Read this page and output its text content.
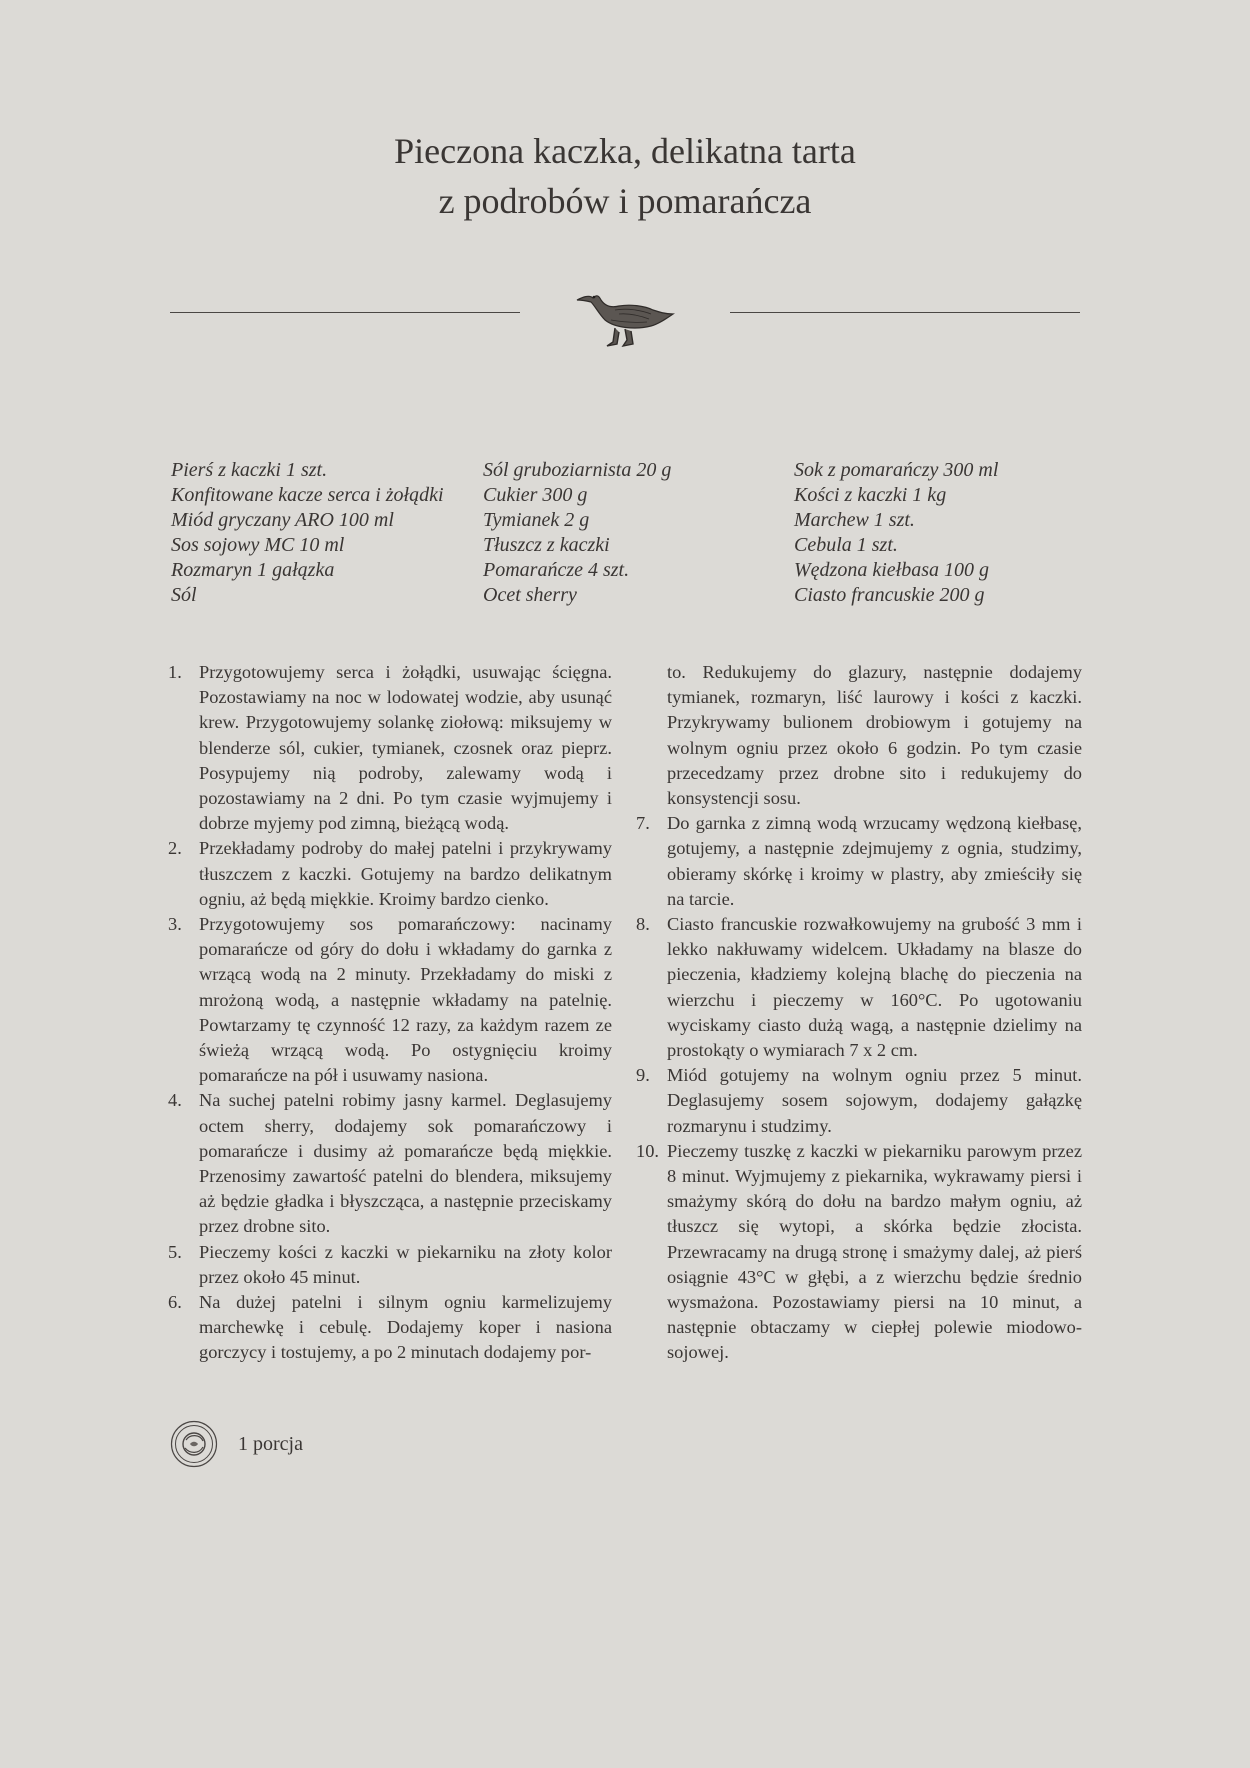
Pieczona kaczka, delikatna tarta
z podrobów i pomarańcza
Pierś z kaczki 1 szt.
Konfitowane kacze serca i żołądki
Miód gryczany ARO 100 ml
Sos sojowy MC 10 ml
Rozmaryn 1 gałązka
Sól
Sól gruboziarnista 20 g
Cukier 300 g
Tymianek 2 g
Tłuszcz z kaczki
Pomarańcze 4 szt.
Ocet sherry
Sok z pomarańczy 300 ml
Kości z kaczki 1 kg
Marchew 1 szt.
Cebula 1 szt.
Wędzona kiełbasa 100 g
Ciasto francuskie 200 g
1. Przygotowujemy serca i żołądki, usuwając ścięgna. Pozostawiamy na noc w lodowatej wodzie, aby usunąć krew. Przygotowujemy solankę ziołową: miksujemy w blenderze sól, cukier, tymianek, czosnek oraz pieprz. Posypujemy nią podroby, zalewamy wodą i pozostawiamy na 2 dni. Po tym czasie wyjmujemy i dobrze myjemy pod zimną, bieżącą wodą.
2. Przekładamy podroby do małej patelni i przykrywamy tłuszczem z kaczki. Gotujemy na bardzo delikatnym ogniu, aż będą miękkie. Kroimy bardzo cienko.
3. Przygotowujemy sos pomarańczowy: nacinamy pomarańcze od góry do dołu i wkładamy do garnka z wrzącą wodą na 2 minuty. Przekładamy do miski z mrożoną wodą, a następnie wkładamy na patelnię. Powtarzamy tę czynność 12 razy, za każdym razem ze świeżą wrzącą wodą. Po ostygnięciu kroimy pomarańcze na pół i usuwamy nasiona.
4. Na suchej patelni robimy jasny karmel. Deglasujemy octem sherry, dodajemy sok pomarańczowy i pomarańcze i dusimy aż pomarańcze będą miękkie. Przenosimy zawartość patelni do blendera, miksujemy aż będzie gładka i błyszcząca, a następnie przeciskamy przez drobne sito.
5. Pieczemy kości z kaczki w piekarniku na złoty kolor przez około 45 minut.
6. Na dużej patelni i silnym ogniu karmelizujemy marchewkę i cebulę. Dodajemy koper i nasiona gorczycy i tostujemy, a po 2 minutach dodajemy por-
to. Redukujemy do glazury, następnie dodajemy tymianek, rozmaryn, liść laurowy i kości z kaczki. Przykrywamy bulionem drobiowym i gotujemy na wolnym ogniu przez około 6 godzin. Po tym czasie przecedzamy przez drobne sito i redukujemy do konsystencji sosu.
7. Do garnka z zimną wodą wrzucamy wędzoną kiełbasę, gotujemy, a następnie zdejmujemy z ognia, studzimy, obieramy skórkę i kroimy w plastry, aby zmieściły się na tarcie.
8. Ciasto francuskie rozwałkowujemy na grubość 3 mm i lekko nakłuwamy widelcem. Układamy na blasze do pieczenia, kładziemy kolejną blachę do pieczenia na wierzchu i pieczemy w 160°C. Po ugotowaniu wyciskamy ciasto dużą wagą, a następnie dzielimy na prostokąty o wymiarach 7 x 2 cm.
9. Miód gotujemy na wolnym ogniu przez 5 minut. Deglasujemy sosem sojowym, dodajemy gałązkę rozmarynu i studzimy.
10. Pieczemy tuszkę z kaczki w piekarniku parowym przez 8 minut. Wyjmujemy z piekarnika, wykrawamy piersi i smażymy skórą do dołu na bardzo małym ogniu, aż tłuszcz się wytopi, a skórka będzie złocista. Przewracamy na drugą stronę i smażymy dalej, aż pierś osiągnie 43°C w głębi, a z wierzchu będzie średnio wysmażona. Pozostawiamy piersi na 10 minut, a następnie obtaczamy w ciepłej polewie miodowo-sojowej.
1 porcja
